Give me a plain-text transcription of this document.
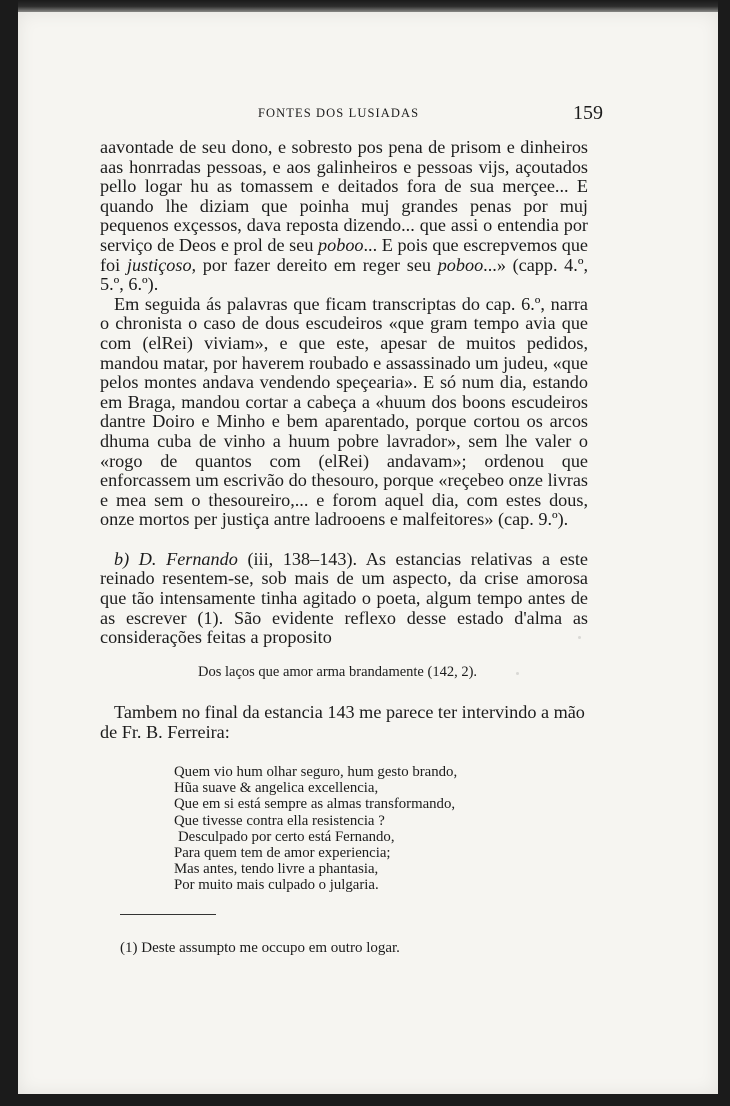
FONTES DOS LUSIADAS	159

aavontade de seu dono, e sobresto pos pena de prisom e dinheiros aas honrradas pessoas, e aos galinheiros e pessoas vijs, açoutados pello logar hu as tomassem e deitados fora de sua merçee... E quando lhe diziam que poinha muj grandes penas por muj pequenos exçessos, dava reposta dizendo... que assi o entendia por serviço de Deos e prol de seu poboo... E pois que escrepvemos que foi justiçoso, por fazer dereito em reger seu poboo...» (capp. 4.º, 5.º, 6.º).

Em seguida ás palavras que ficam transcriptas do cap. 6.º, narra o chronista o caso de dous escudeiros «que gram tempo avia que com (elRei) viviam», e que este, apesar de muitos pedidos, mandou matar, por haverem roubado e assassinado um judeu, «que pelos montes andava vendendo speçearia». E só num dia, estando em Braga, mandou cortar a cabeça a «huum dos boons escudeiros dantre Doiro e Minho e bem aparentado, porque cortou os arcos dhuma cuba de vinho a huum pobre lavrador», sem lhe valer o «rogo de quantos com (elRei) andavam»; ordenou que enforcassem um escrivão do thesouro, porque «reçebeo onze livras e mea sem o thesoureiro,... e forom aquel dia, com estes dous, onze mortos per justiça antre ladrooens e malfeitores» (cap. 9.º).

b) D. Fernando (iii, 138–143). As estancias relativas a este reinado resentem-se, sob mais de um aspecto, da crise amorosa que tão intensamente tinha agitado o poeta, algum tempo antes de as escrever (1). São evidente reflexo desse estado d'alma as considerações feitas a proposito

Dos laços que amor arma brandamente (142, 2).
Tambem no final da estancia 143 me parece ter intervindo a mão de Fr. B. Ferreira:
Quem vio hum olhar seguro, hum gesto brando,
Hũa suave & angelica excellencia,
Que em si está sempre as almas transformando,
Que tivesse contra ella resistencia ?
Desculpado por certo está Fernando,
Para quem tem de amor experiencia;
Mas antes, tendo livre a phantasia,
Por muito mais culpado o julgaria.
(1) Deste assumpto me occupo em outro logar.
